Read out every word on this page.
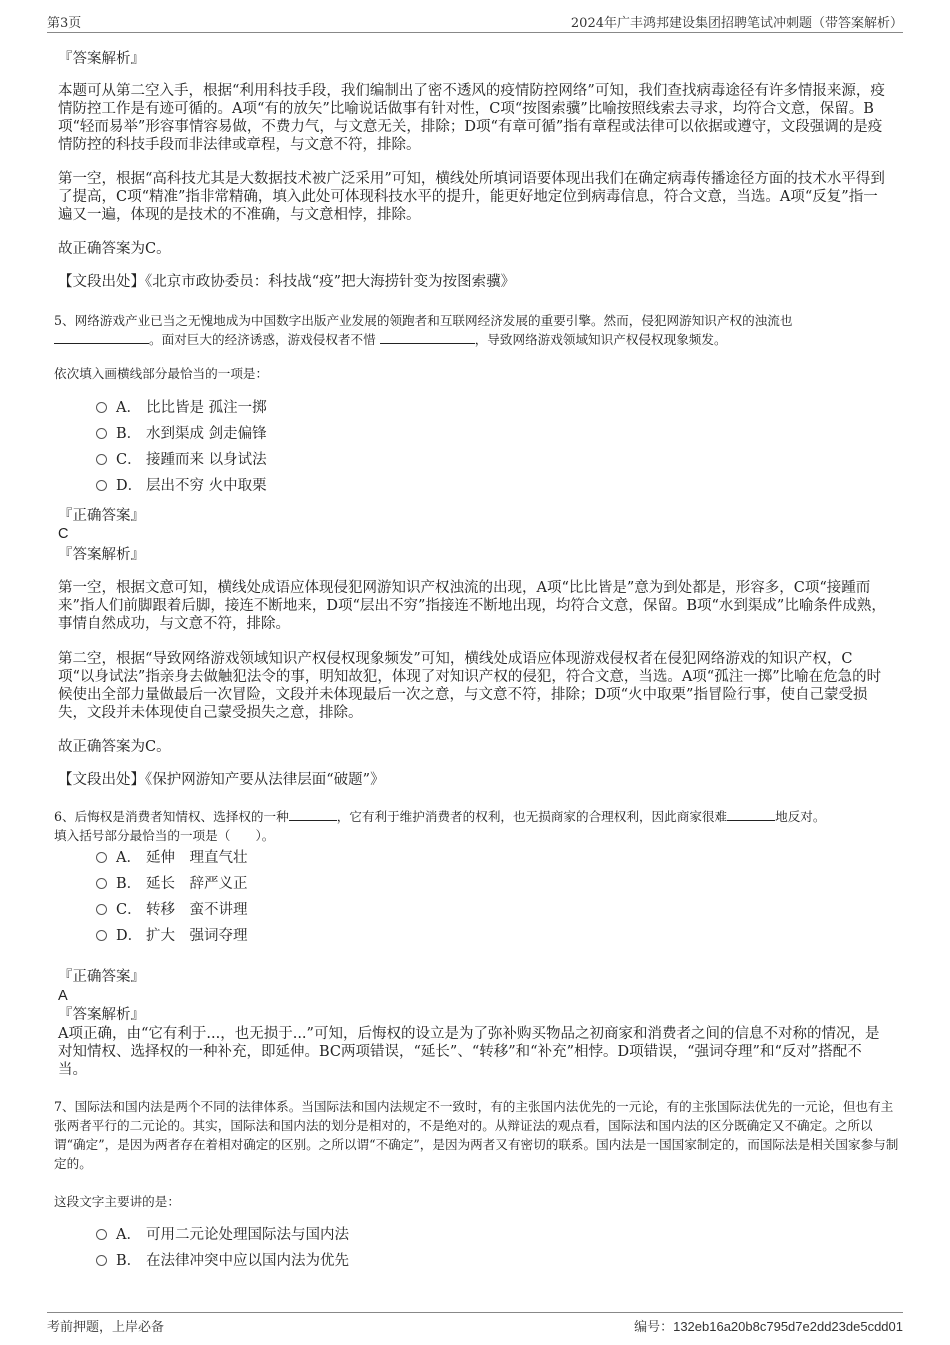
第3页	2024年广丰鸿邦建设集团招聘笔试冲刺题（带答案解析）
『答案解析』
本题可从第二空入手，根据“利用科技手段，我们编制出了密不透风的疫情防控网络”可知，我们查找病毒途径有许多情报来源，疫情防控工作是有迹可循的。A项“有的放矢”比喻说话做事有针对性，C项“按图索骥”比喻按照线索去寻求，均符合文意，保留。B项“轻而易举”形容事情容易做，不费力气，与文意无关，排除；D项“有章可循”指有章程或法律可以依据或遵守，文段强调的是疫情防控的科技手段而非法律或章程，与文意不符，排除。
第一空，根据“高科技尤其是大数据技术被广泛采用”可知，横线处所填词语要体现出我们在确定病毒传播途径方面的技术水平得到了提高，C项“精准”指非常精确，填入此处可体现科技水平的提升，能更好地定位到病毒信息，符合文意，当选。A项“反复”指一遍又一遍，体现的是技术的不准确，与文意相悖，排除。
故正确答案为C。
【文段出处】《北京市政协委员：科技战“疫”把大海捞针变为按图索骥》
5、网络游戏产业已当之无愧地成为中国数字出版产业发展的领跑者和互联网经济发展的重要引擎。然而，侵犯网游知识产权的浊流也
。面对巨大的经济诱惑，游戏侵权者不惜	，导致网络游戏领域知识产权侵权现象频发。
依次填入画横线部分最恰当的一项是：
A． 比比皆是 孤注一掷
B． 水到渠成 剑走偏锋
C． 接踵而来 以身试法
D． 层出不穷 火中取栗
『正确答案』
C
『答案解析』
第一空，根据文意可知，横线处成语应体现侵犯网游知识产权浊流的出现，A项“比比皆是”意为到处都是，形容多，C项“接踵而来”指人们前脚跟着后脚，接连不断地来，D项“层出不穷”指接连不断地出现，均符合文意，保留。B项“水到渠成”比喻条件成熟，事情自然成功，与文意不符，排除。
第二空，根据“导致网络游戏领域知识产权侵权现象频发”可知，横线处成语应体现游戏侵权者在侵犯网络游戏的知识产权，C项“以身试法”指亲身去做触犯法令的事，明知故犯，体现了对知识产权的侵犯，符合文意，当选。A项“孤注一掷”比喻在危急的时候使出全部力量做最后一次冒险，文段并未体现最后一次之意，与文意不符，排除；D项“火中取栗”指冒险行事，使自己蒙受损失，文段并未体现使自己蒙受损失之意，排除。
故正确答案为C。
【文段出处】《保护网游知产要从法律层面“破题”》
6、后悔权是消费者知情权、选择权的一种	，它有利于维护消费者的权利，也无损商家的合理权利，因此商家很难	地反对。
填入括号部分最恰当的一项是（　　）。
A． 延伸　理直气壮
B． 延长　辞严义正
C． 转移　蛮不讲理
D． 扩大　强词夺理
『正确答案』
A
『答案解析』
A项正确，由“它有利于...，也无损于...”可知，后悔权的设立是为了弥补购买物品之初商家和消费者之间的信息不对称的情况，是对知情权、选择权的一种补充，即延伸。BC两项错误，“延长”、“转移”和“补充”相悖。D项错误，“强词夺理”和“反对”搭配不当。
7、国际法和国内法是两个不同的法律体系。当国际法和国内法规定不一致时，有的主张国内法优先的一元论，有的主张国际法优先的一元论，但也有主张两者平行的二元论的。其实，国际法和国内法的划分是相对的，不是绝对的。从辩证法的观点看，国际法和国内法的区分既确定又不确定。之所以谓“确定”，是因为两者存在着相对确定的区别。之所以谓“不确定”，是因为两者又有密切的联系。国内法是一国国家制定的，而国际法是相关国家参与制定的。
这段文字主要讲的是：
A． 可用二元论处理国际法与国内法
B． 在法律冲突中应以国内法为优先
考前押题，上岸必备	编号：132eb16a20b8c795d7e2dd23de5cdd01
